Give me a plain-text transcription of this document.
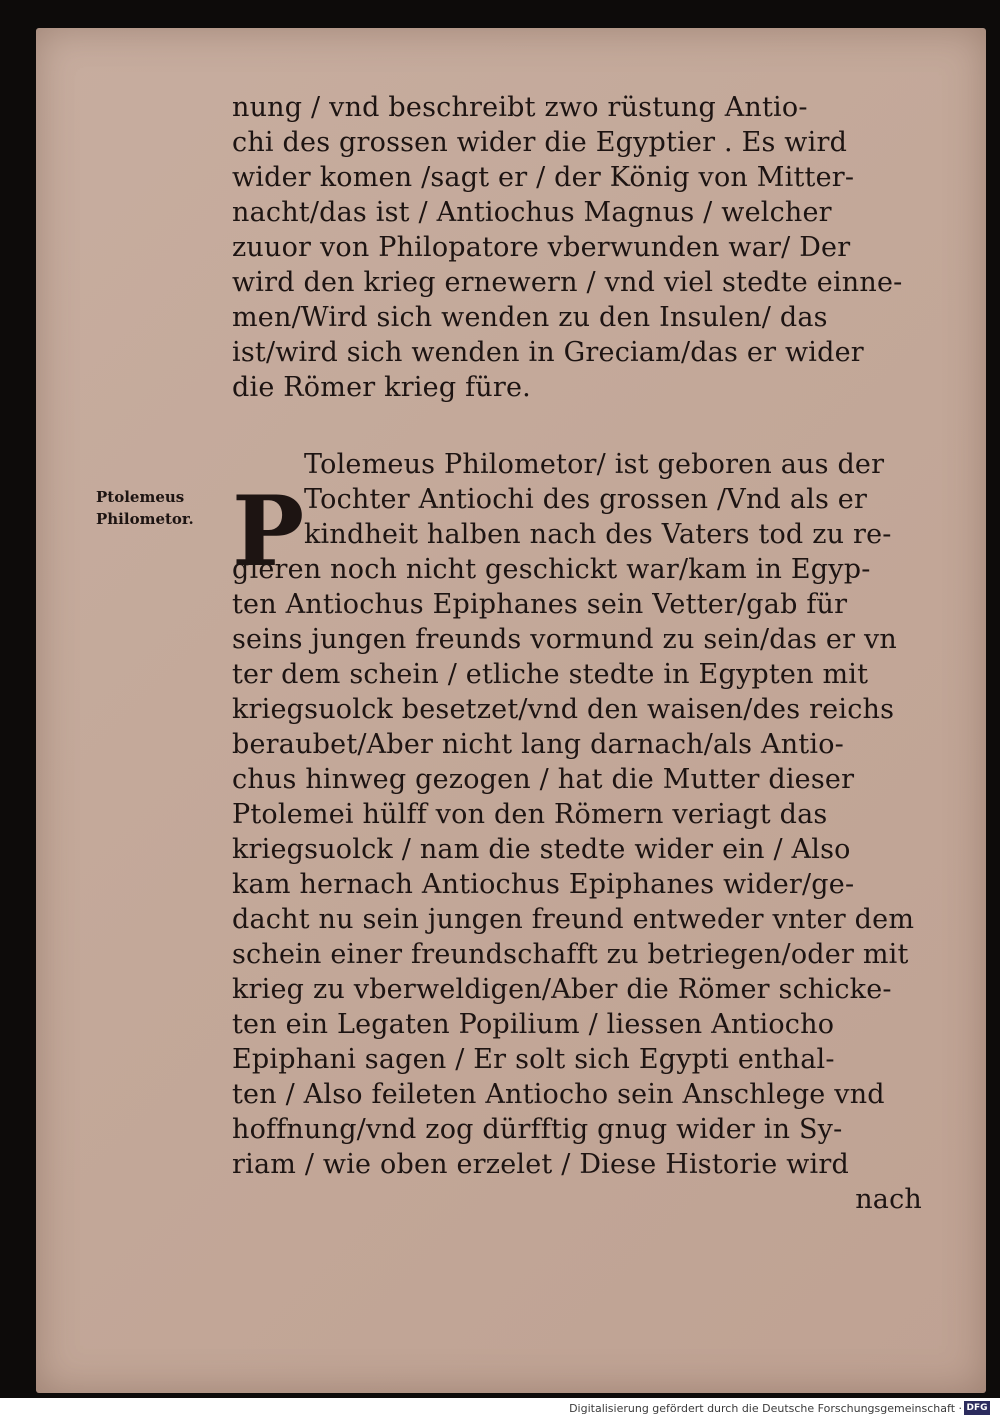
Ptolemeus
Philometor.
nung / vnd beschreibt zwo rüstung Antio-
chi des grossen wider die Egyptier . Es wird
wider komen /sagt er / der König von Mitter-
nacht/das ist / Antiochus Magnus / welcher
zuuor von Philopatore vberwunden war/ Der
wird den krieg ernewern / vnd viel stedte einne-
men/Wird sich wenden zu den Insulen/ das
ist/wird sich wenden in Greciam/das er wider
die Römer krieg füre.
Tolemeus Philometor/ ist geboren aus der
Tochter Antiochi des grossen /Vnd als er
kindheit halben nach des Vaters tod zu re-
gieren noch nicht geschickt war/kam in Egyp-
ten Antiochus Epiphanes sein Vetter/gab für
seins jungen freunds vormund zu sein/das er vn
ter dem schein / etliche stedte in Egypten mit
kriegsuolck besetzet/vnd den waisen/des reichs
beraubet/Aber nicht lang darnach/als Antio-
chus hinweg gezogen / hat die Mutter dieser
Ptolemei hülff von den Römern veriagt das
kriegsuolck / nam die stedte wider ein / Also
kam hernach Antiochus Epiphanes wider/ge-
dacht nu sein jungen freund entweder vnter dem
schein einer freundschafft zu betriegen/oder mit
krieg zu vberweldigen/Aber die Römer schicke-
ten ein Legaten Popilium / liessen Antiocho
Epiphani sagen / Er solt sich Egypti enthal-
ten / Also feileten Antiocho sein Anschlege vnd
hoffnung/vnd zog dürfftig gnug wider in Sy-
riam / wie oben erzelet / Diese Historie wird
nach
P
Digitalisierung gefördert durch die Deutsche Forschungsgemeinschaft · DFG
